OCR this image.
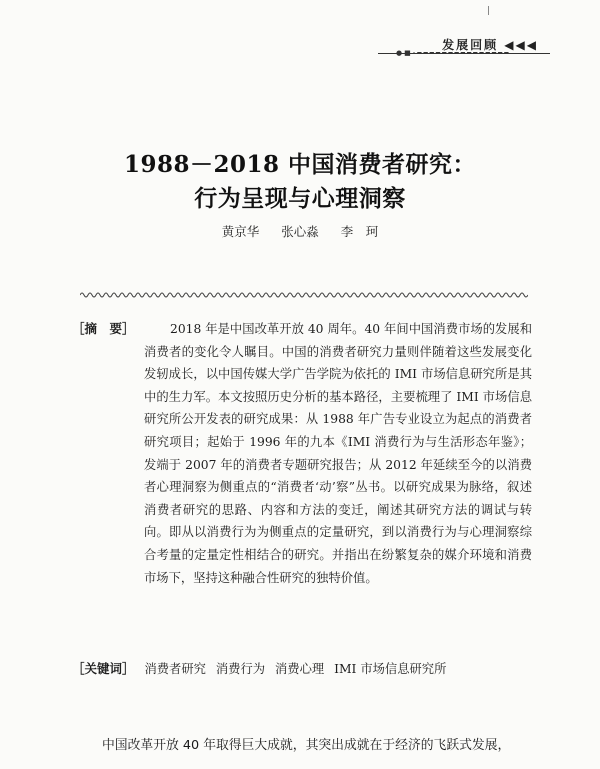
发展回顾 ◀◀◀
●■-━━━━━━━━━━━━━━━
1988－2018 中国消费者研究：
行为呈现与心理洞察
黄京华 张心淼 李　珂
［摘　要］	2018 年是中国改革开放 40 周年。40 年间中国消费市场的发展和消费者的变化令人瞩目。中国的消费者研究力量则伴随着这些发展变化发轫成长，以中国传媒大学广告学院为依托的 IMI 市场信息研究所是其中的生力军。本文按照历史分析的基本路径，主要梳理了 IMI 市场信息研究所公开发表的研究成果：从 1988 年广告专业设立为起点的消费者研究项目；起始于 1996 年的九本《IMI 消费行为与生活形态年鉴》；发端于 2007 年的消费者专题研究报告；从 2012 年延续至今的以消费者心理洞察为侧重点的“消费者‘动’察”丛书。以研究成果为脉络，叙述消费者研究的思路、内容和方法的变迁，阐述其研究方法的调试与转向。即从以消费行为为侧重点的定量研究，到以消费行为与心理洞察综合考量的定量定性相结合的研究。并指出在纷繁复杂的媒介环境和消费市场下，坚持这种融合性研究的独特价值。
［关键词］ 消费者研究 消费行为 消费心理 IMI 市场信息研究所
中国改革开放 40 年取得巨大成就，其突出成就在于经济的飞跃式发展，
